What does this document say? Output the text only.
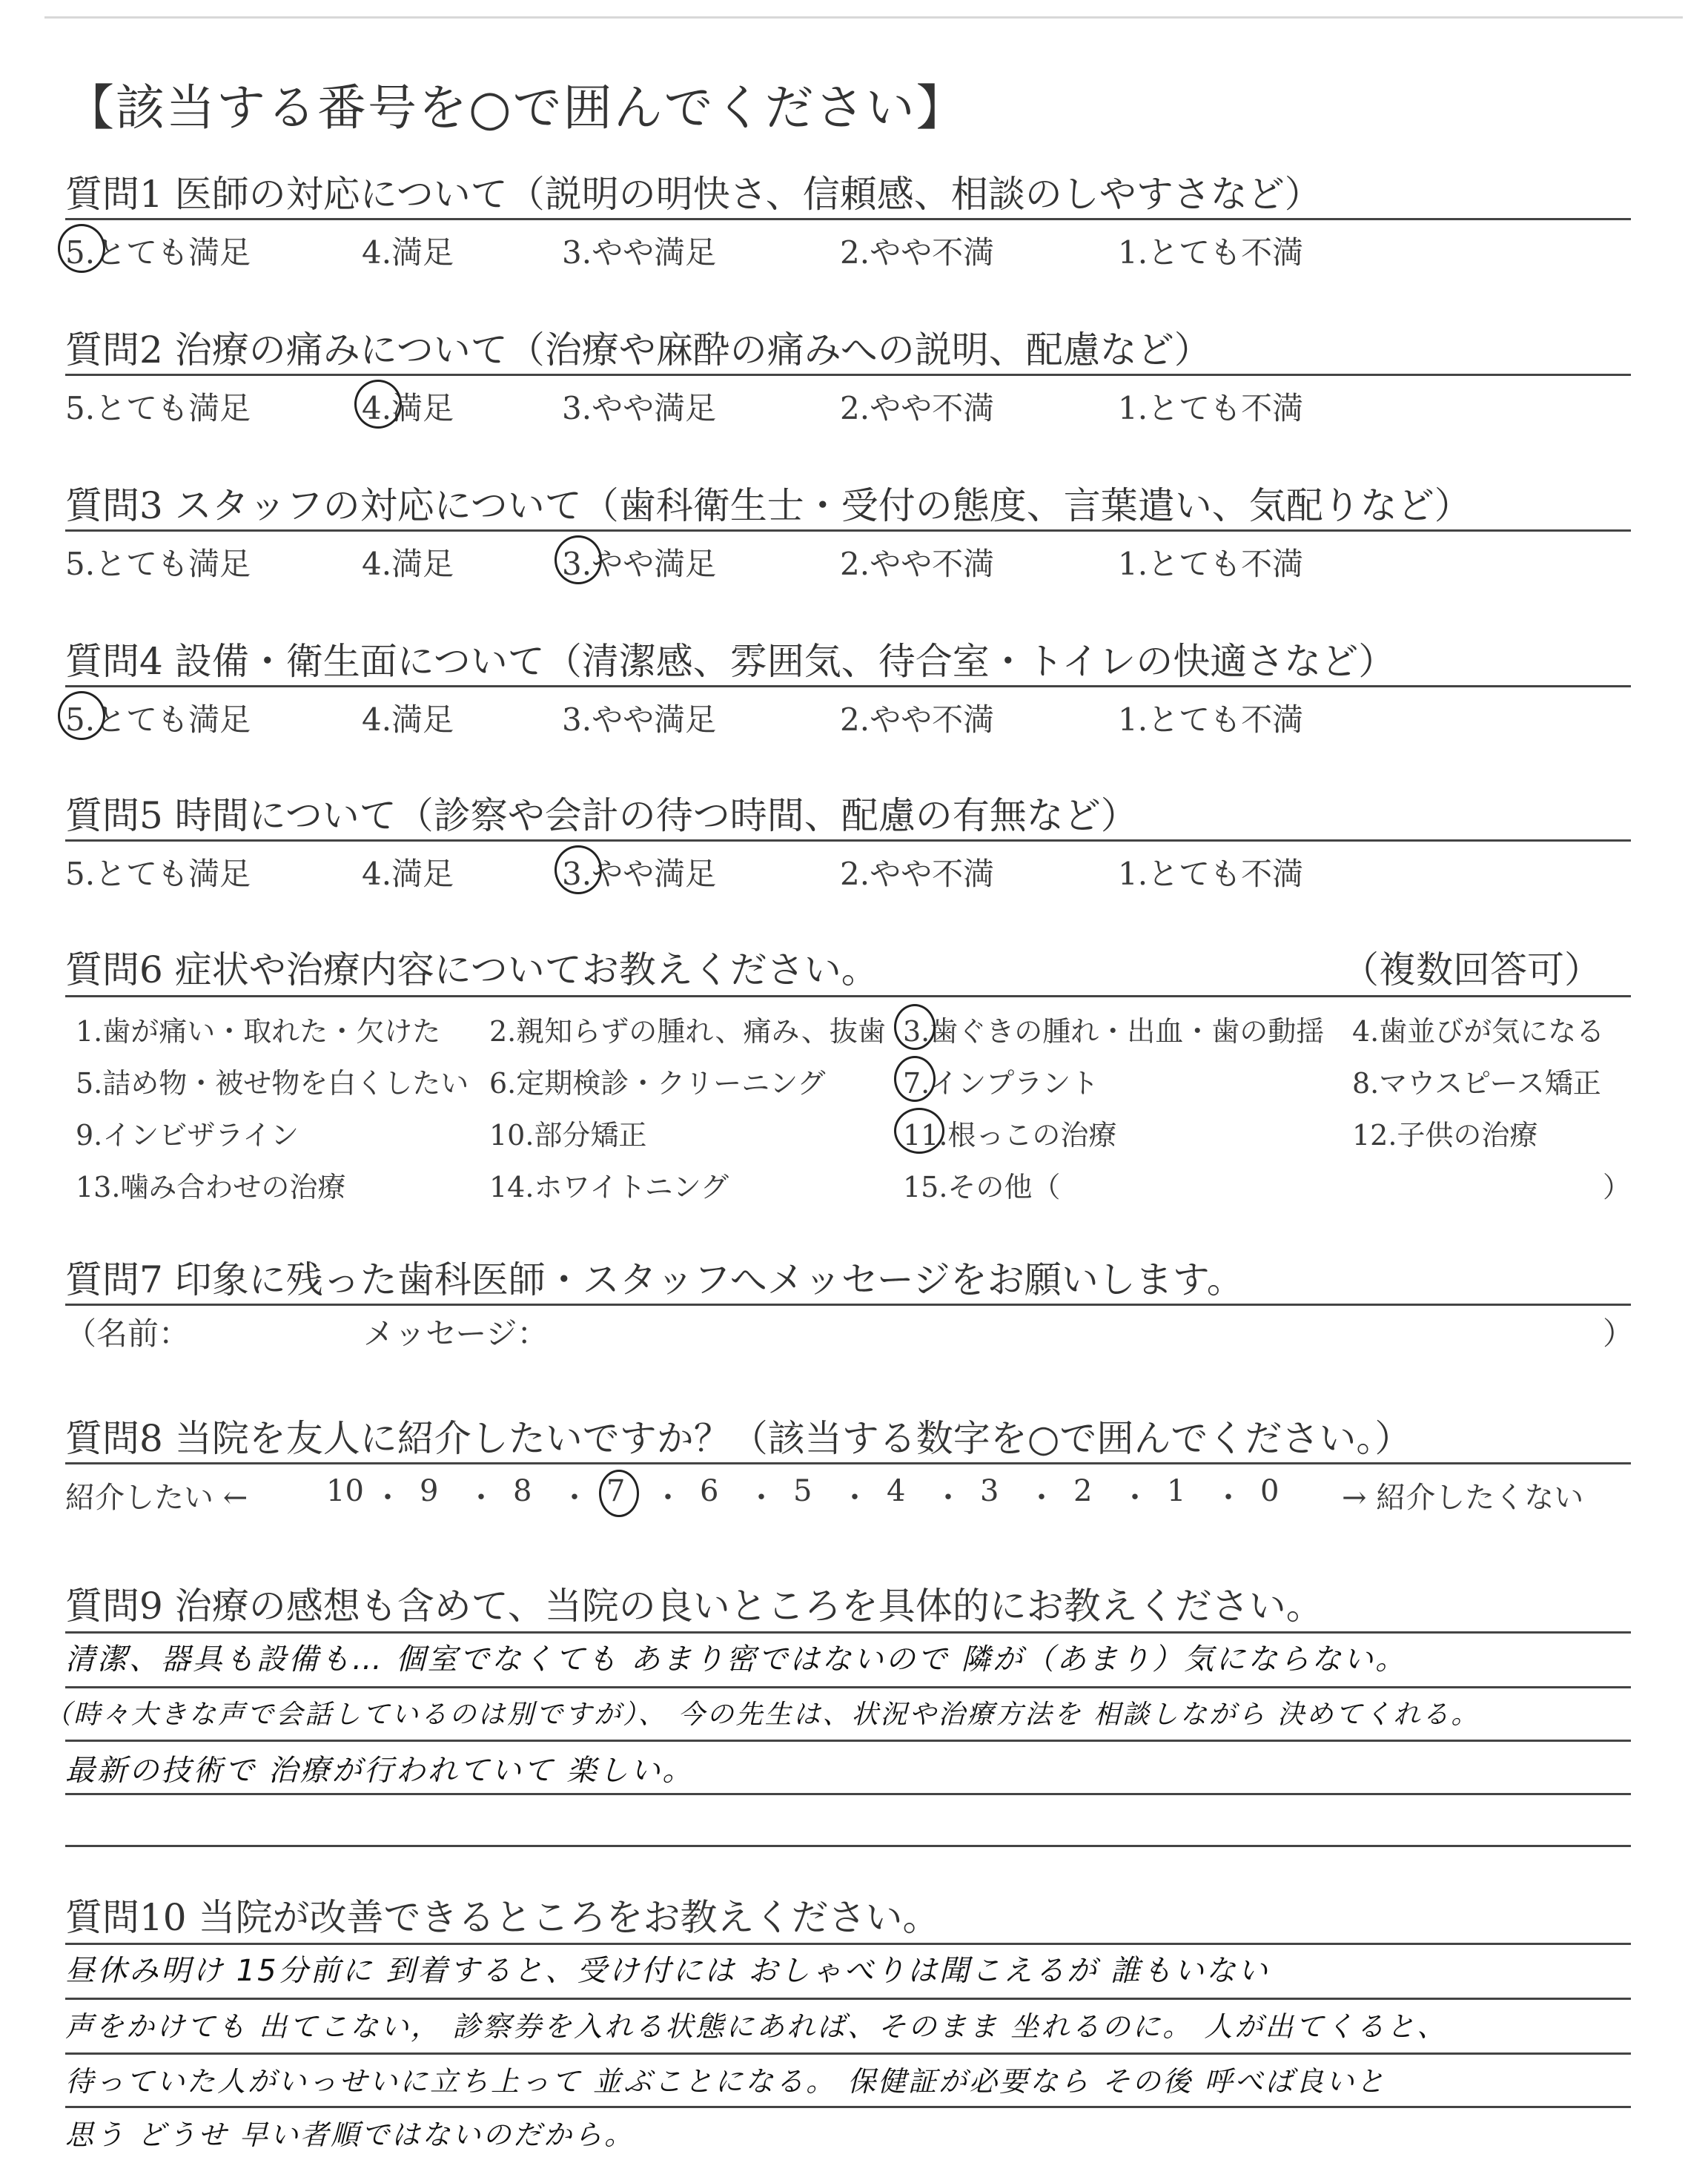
【該当する番号を○で囲んでください】
質問1 医師の対応について（説明の明快さ、信頼感、相談のしやすさなど）
5.とても満足	4.満足	3.やや満足	2.やや不満	1.とても不満
質問2 治療の痛みについて（治療や麻酔の痛みへの説明、配慮など）
5.とても満足	4.満足	3.やや満足	2.やや不満	1.とても不満
質問3 スタッフの対応について（歯科衛生士・受付の態度、言葉遣い、気配りなど）
5.とても満足	4.満足	3.やや満足	2.やや不満	1.とても不満
質問4 設備・衛生面について（清潔感、雰囲気、待合室・トイレの快適さなど）
5.とても満足	4.満足	3.やや満足	2.やや不満	1.とても不満
質問5 時間について（診察や会計の待つ時間、配慮の有無など）
5.とても満足	4.満足	3.やや満足	2.やや不満	1.とても不満
質問6 症状や治療内容についてお教えください。	（複数回答可）
1.歯が痛い・取れた・欠けた 2.親知らずの腫れ、痛み、抜歯 3.歯ぐきの腫れ・出血・歯の動揺 4.歯並びが気になる
5.詰め物・被せ物を白くしたい 6.定期検診・クリーニング	7.インプラント	8.マウスピース矯正
9.インビザライン	10.部分矯正	11.根っこの治療	12.子供の治療
13.噛み合わせの治療	14.ホワイトニング	15.その他（	）
質問7 印象に残った歯科医師・スタッフへメッセージをお願いします。
（名前：	メッセージ：	）
質問8 当院を友人に紹介したいですか？（該当する数字を○で囲んでください。）
紹介したい ←	10 ・ 9 ・ 8 ・ 7 ・ 6 ・ 5 ・ 4 ・ 3 ・ 2 ・ 1 ・ 0 → 紹介したくない
質問9 治療の感想も含めて、当院の良いところを具体的にお教えください。
清潔、器具も設備も… 個室でなくても あまり密ではないので 隣が（あまり）気にならない。
（時々大きな声で会話しているのは別ですが）、 今の先生は、状況や治療方法を 相談しながら 決めてくれる。
最新の技術で 治療が行われていて 楽しい。
質問10 当院が改善できるところをお教えください。
昼休み明け 15分前に 到着すると、受け付には おしゃべりは聞こえるが 誰もいない
声をかけても 出てこない， 診察券を入れる状態にあれば、そのまま 坐れるのに。 人が出てくると、
待っていた人がいっせいに立ち上って 並ぶことになる。 保健証が必要なら その後 呼べば良いと
思う どうせ 早い者順ではないのだから。
